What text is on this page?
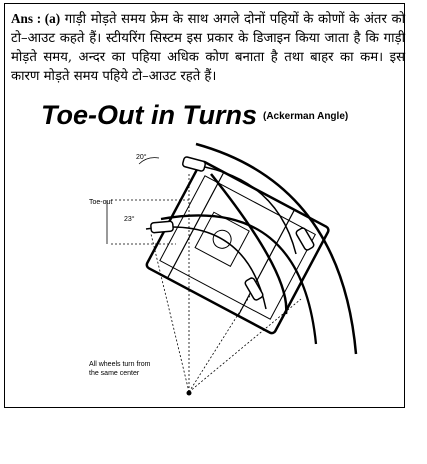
Ans : (a) गाड़ी मोड़ते समय फ्रेम के साथ अगले दोनों पहियों के कोणों के अंतर को टो–आउट कहते हैं। स्टीयरिंग सिस्टम इस प्रकार के डिजाइन किया जाता है कि गाड़ी मोड़ते समय, अन्दर का पहिया अधिक कोण बनाता है तथा बाहर का कम। इस कारण मोड़ते समय पहिये टो–आउट रहते हैं।
Toe-Out in Turns (Ackerman Angle)
20°
23°
Toe-out
All wheels turn from
the same center
